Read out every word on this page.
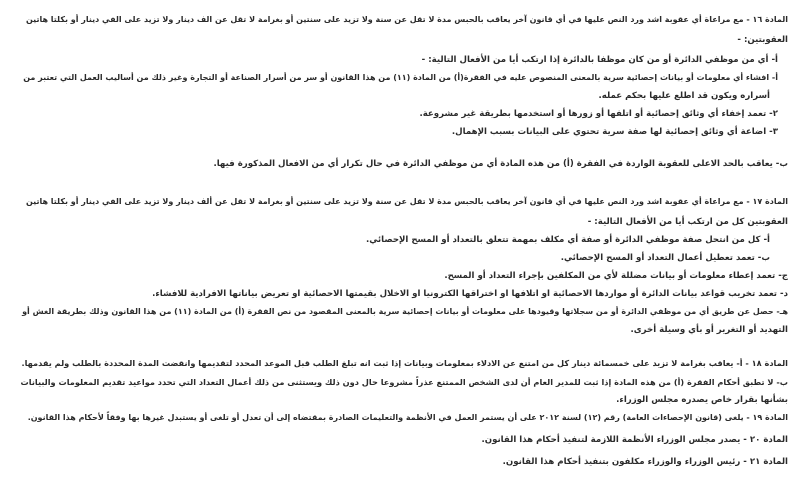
المادة ١٦ - مع مراعاة أي عقوبة اشد ورد النص عليها في أي قانون آخر يعاقب بالحبس مدة لا تقل عن سنة ولا تزيد على سنتين أو بغرامة لا تقل عن الف دينار ولا تزيد على الفي دينار أو بكلتا هاتين
العقوبتين: -
أ- أي من موظفي الدائرة أو من كان موظفا بالدائرة إذا ارتكب أيا من الأفعال التالية: -
أ- افشاء أي معلومات أو بيانات إحصائية سرية بالمعنى المنصوص عليه في الفقرة(أ) من المادة (١١) من هذا القانون أو سر من أسرار الصناعة أو التجارة وغير ذلك من أساليب العمل التي تعتبر من
أسراره ويكون قد اطلع عليها بحكم عمله.
٢- تعمد إخفاء أي وثائق إحصائية أو اتلفها أو زورها أو استخدمها بطريقة غير مشروعة.
٣- اضاعة أي وثائق إحصائية لها صفة سرية تحتوي على البيانات بسبب الإهمال.
ب- يعاقب بالحد الاعلى للعقوبة الواردة في الفقرة (أ) من هذه المادة أي من موظفي الدائرة في حال تكرار أي من الافعال المذكورة فيها.
المادة ١٧ - مع مراعاة أي عقوبة اشد ورد النص عليها في أي قانون آخر يعاقب بالحبس مدة لا تقل عن سنة ولا تزيد على سنتين أو بغرامة لا تقل عن ألف دينار ولا تزيد على الفي دينار أو بكلتا هاتين
العقوبتين كل من ارتكب أيا من الأفعال التالية: -
أ- كل من انتحل صفة موظفي الدائرة أو صفة أي مكلف بمهمة تتعلق بالتعداد أو المسح الإحصائي.
ب- تعمد تعطيل أعمال التعداد أو المسح الإحصائي.
ج- تعمد إعطاء معلومات أو بيانات مضللة لأي من المكلفين بإجراء التعداد أو المسح.
د- تعمد تخريب قواعد بيانات الدائرة أو مواردها الاحصائية او اتلافها او اختراقها الكترونيا او الاخلال بقيمتها الاحصائية او تعريض بياناتها الافرادية للافشاء.
هـ- حصل عن طريق أي من موظفي الدائرة أو من سجلاتها وقيودها على معلومات أو بيانات إحصائية سرية بالمعنى المقصود من نص الفقرة (أ) من المادة (١١) من هذا القانون وذلك بطريقة الغش أو
التهديد أو التغرير أو بأي وسيلة أخرى.
المادة ١٨ - أ- يعاقب بغرامة لا تزيد على خمسمائة دينار كل من امتنع عن الادلاء بمعلومات وبيانات إذا ثبت انه تبلغ الطلب قبل الموعد المحدد لتقديمها وانقضت المدة المحددة بالطلب ولم يقدمها.
ب- لا تطبق أحكام الفقرة (أ) من هذه المادة إذا ثبت للمدير العام أن لدى الشخص الممتنع عذراً مشروعا حال دون ذلك ويستثنى من ذلك أعمال التعداد التي تحدد مواعيد تقديم المعلومات والبيانات
بشأنها بقرار خاص يصدره مجلس الوزراء.
المادة ١٩ - يلغى (قانون الإحصاءات العامة) رقم (١٢) لسنة ٢٠١٢ على أن يستمر العمل في الأنظمة والتعليمات الصادرة بمقتضاه إلى أن تعدل أو تلغى أو يستبدل غيرها بها وفقاً لأحكام هذا القانون.
المادة ٢٠ - يصدر مجلس الوزراء الأنظمة اللازمة لتنفيذ أحكام هذا القانون.
المادة ٢١ - رئيس الوزراء والوزراء مكلفون بتنفيذ أحكام هذا القانون.
